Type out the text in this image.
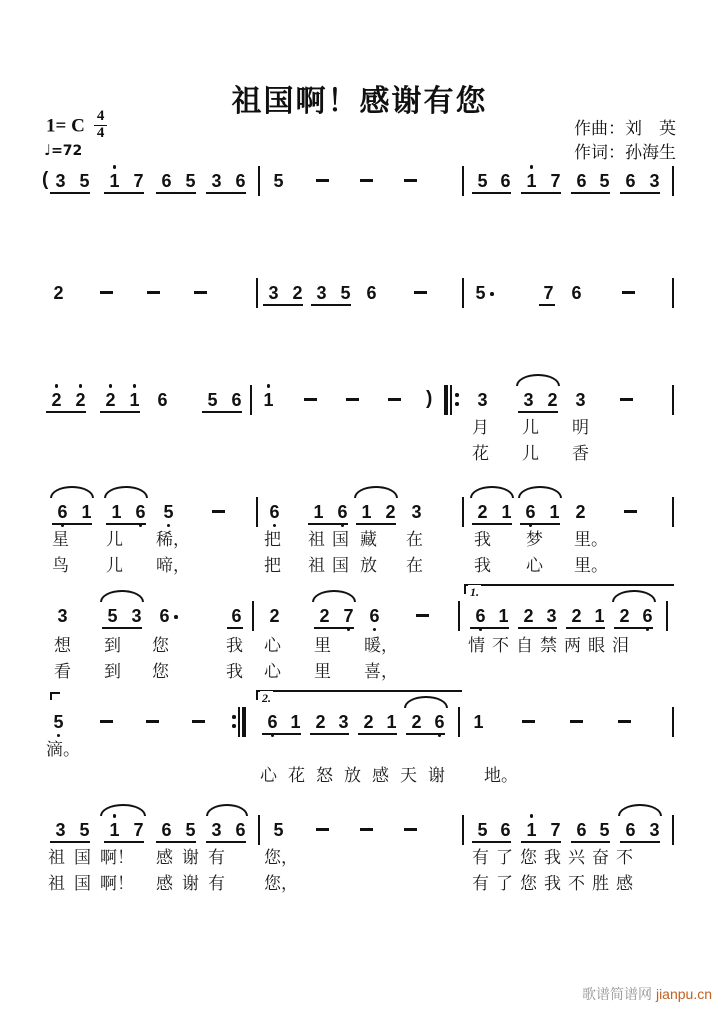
祖国啊！感谢有您
1= C $\frac{4}{4}$
♩=72
作曲：刘　英
作词：孙海生
( 3 5 1 7 6 5 3 6 5	5 6 1 7 6 5 6 3
2	3 2 3 5 6	5	7 6
2 2 2 1 6 5 6 1	)	3 3 2 3
月 儿 明
花 儿 香
6 1 1 6 5	6 1 6 1 2 3	2 1 6 1 2
星 儿 稀，	把 祖 国 藏 在	我 梦 里。
鸟 儿 啼，	把 祖 国 放 在	我 心 里。
3 5 3 6	6 2 2 7 6
1.
6 1 2 3 2 1 2 6
想 到 您	我 心 里 暖，	情 不 自 禁 两 眼 泪
看 到 您	我 心 里 喜，
5
2.
6 1 2 3 2 1 2 6 1
滴。
心 花 怒 放 感 天 谢 地。
3 5 1 7 6 5 3 6 5	5 6 1 7 6 5 6 3
祖 国 啊！ 感 谢 有 您，	有 了 您 我 兴 奋 不
祖 国 啊！ 感 谢 有 您，	有 了 您 我 不 胜 感
歌谱简谱网 jianpu.cn
